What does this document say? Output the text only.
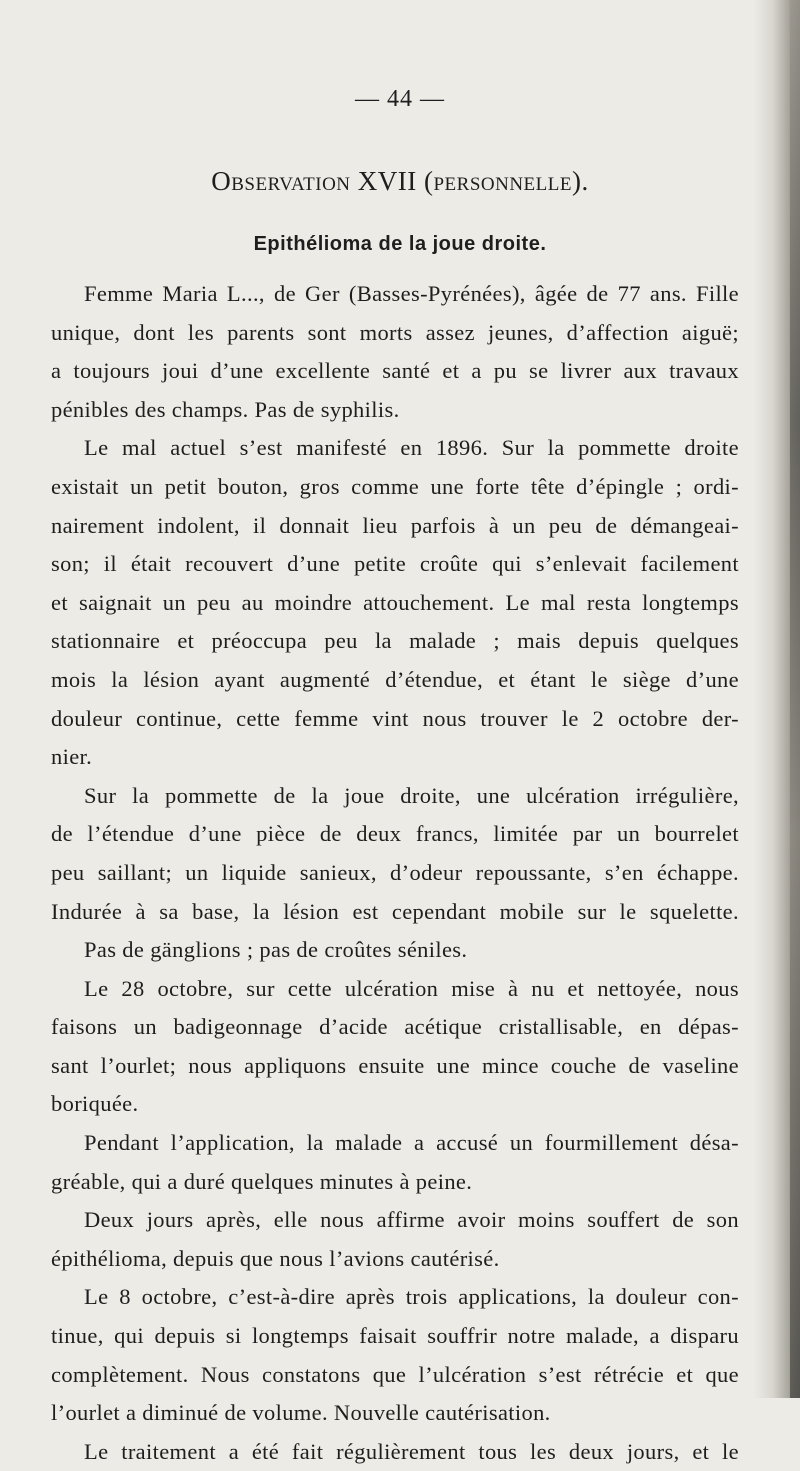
— 44 —
Observation XVII (personnelle).
Epithélioma de la joue droite.
Femme Maria L..., de Ger (Basses-Pyrénées), âgée de 77 ans. Fille
unique, dont les parents sont morts assez jeunes, d’affection aiguë;
a toujours joui d’une excellente santé et a pu se livrer aux travaux
pénibles des champs. Pas de syphilis.
Le mal actuel s’est manifesté en 1896. Sur la pommette droite
existait un petit bouton, gros comme une forte tête d’épingle ; ordi-
nairement indolent, il donnait lieu parfois à un peu de démangeai-
son; il était recouvert d’une petite croûte qui s’enlevait facilement
et saignait un peu au moindre attouchement. Le mal resta longtemps
stationnaire et préoccupa peu la malade ; mais depuis quelques
mois la lésion ayant augmenté d’étendue, et étant le siège d’une
douleur continue, cette femme vint nous trouver le 2 octobre der-
nier.
Sur la pommette de la joue droite, une ulcération irrégulière,
de l’étendue d’une pièce de deux francs, limitée par un bourrelet
peu saillant; un liquide sanieux, d’odeur repoussante, s’en échappe.
Indurée à sa base, la lésion est cependant mobile sur le squelette.
Pas de gänglions ; pas de croûtes séniles.
Le 28 octobre, sur cette ulcération mise à nu et nettoyée, nous
faisons un badigeonnage d’acide acétique cristallisable, en dépas-
sant l’ourlet; nous appliquons ensuite une mince couche de vaseline
boriquée.
Pendant l’application, la malade a accusé un fourmillement désa-
gréable, qui a duré quelques minutes à peine.
Deux jours après, elle nous affirme avoir moins souffert de son
épithélioma, depuis que nous l’avions cautérisé.
Le 8 octobre, c’est-à-dire après trois applications, la douleur con-
tinue, qui depuis si longtemps faisait souffrir notre malade, a disparu
complètement. Nous constatons que l’ulcération s’est rétrécie et que
l’ourlet a diminué de volume. Nouvelle cautérisation.
Le traitement a été fait régulièrement tous les deux jours, et le
